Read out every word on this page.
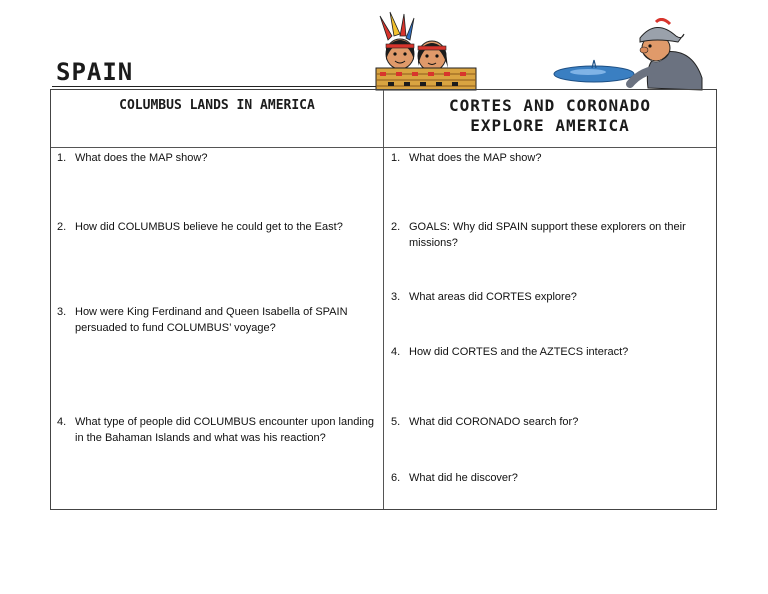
SPAIN
COLUMBUS LANDS IN AMERICA	CORTES AND CORONADO
EXPLORE AMERICA
1. What does the MAP show?
2. How did COLUMBUS believe he could get to the East?
3. How were King Ferdinand and Queen Isabella of SPAIN persuaded to fund COLUMBUS’ voyage?
4. What type of people did COLUMBUS encounter upon landing in the Bahaman Islands and what was his reaction?
1. What does the MAP show?
2. GOALS: Why did SPAIN support these explorers on their missions?
3. What areas did CORTES explore?
4. How did CORTES and the AZTECS interact?
5. What did CORONADO search for?
6. What did he discover?
